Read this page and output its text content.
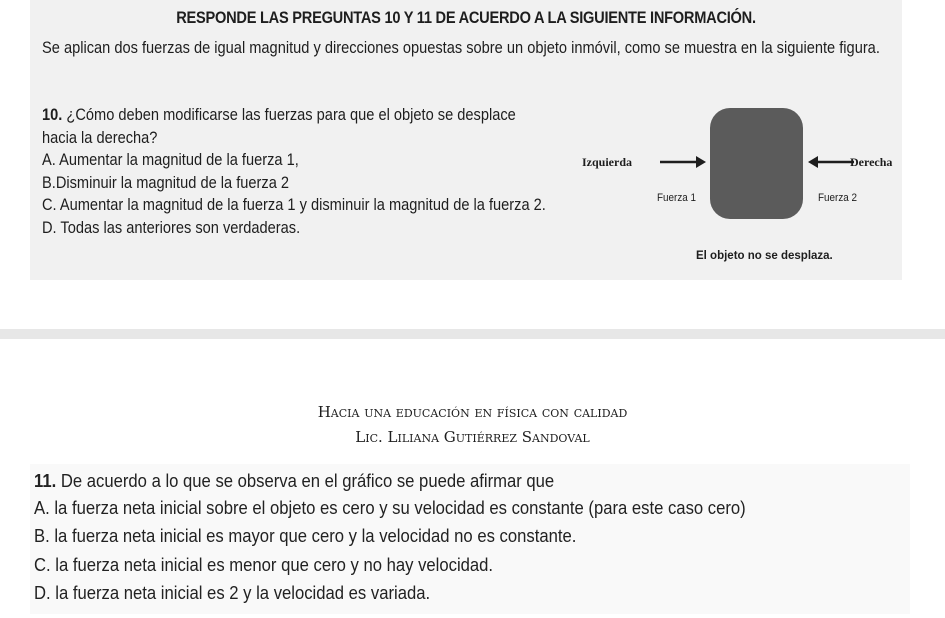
RESPONDE LAS PREGUNTAS 10 Y 11 DE ACUERDO A LA SIGUIENTE INFORMACIÓN.
Se aplican dos fuerzas de igual magnitud y direcciones opuestas sobre un objeto inmóvil, como se muestra en la siguiente figura.
10. ¿Cómo deben modificarse las fuerzas para que el objeto se desplace
hacia la derecha?
A. Aumentar la magnitud de la fuerza 1,
B.Disminuir la magnitud de la fuerza 2
C. Aumentar la magnitud de la fuerza 1 y disminuir la magnitud de la fuerza 2.
D. Todas las anteriores son verdaderas.
Izquierda	Derecha
Fuerza 1	Fuerza 2
El objeto no se desplaza.
Hacia una educación en física con calidad
Lic. Liliana Gutiérrez Sandoval
11. De acuerdo a lo que se observa en el gráfico se puede afirmar que
A. la fuerza neta inicial sobre el objeto es cero y su velocidad es constante (para este caso cero)
B. la fuerza neta inicial es mayor que cero y la velocidad no es constante.
C. la fuerza neta inicial es menor que cero y no hay velocidad.
D. la fuerza neta inicial es 2 y la velocidad es variada.
